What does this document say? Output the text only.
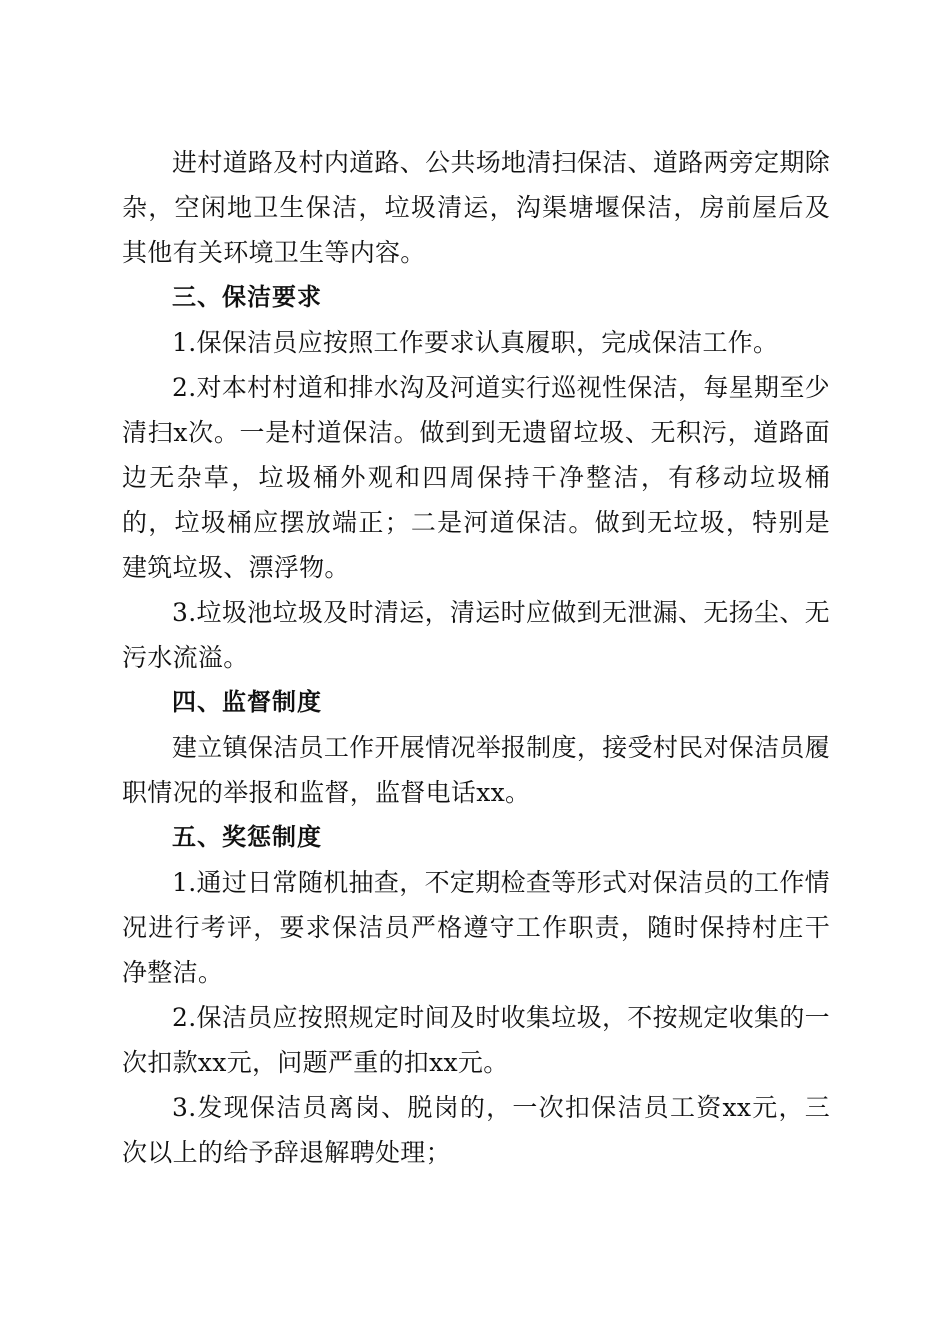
进村道路及村内道路、公共场地清扫保洁、道路两旁定期除杂，空闲地卫生保洁，垃圾清运，沟渠塘堰保洁，房前屋后及其他有关环境卫生等内容。

三、保洁要求

1.保保洁员应按照工作要求认真履职，完成保洁工作。

2.对本村村道和排水沟及河道实行巡视性保洁，每星期至少清扫x次。一是村道保洁。做到到无遗留垃圾、无积污，道路面边无杂草，垃圾桶外观和四周保持干净整洁，有移动垃圾桶的，垃圾桶应摆放端正；二是河道保洁。做到无垃圾，特别是建筑垃圾、漂浮物。

3.垃圾池垃圾及时清运，清运时应做到无泄漏、无扬尘、无污水流溢。

四、监督制度

建立镇保洁员工作开展情况举报制度，接受村民对保洁员履职情况的举报和监督，监督电话xx。

五、奖惩制度

1.通过日常随机抽查，不定期检查等形式对保洁员的工作情况进行考评，要求保洁员严格遵守工作职责，随时保持村庄干净整洁。

2.保洁员应按照规定时间及时收集垃圾，不按规定收集的一次扣款xx元，问题严重的扣xx元。

3.发现保洁员离岗、脱岗的，一次扣保洁员工资xx元，三次以上的给予辞退解聘处理；
